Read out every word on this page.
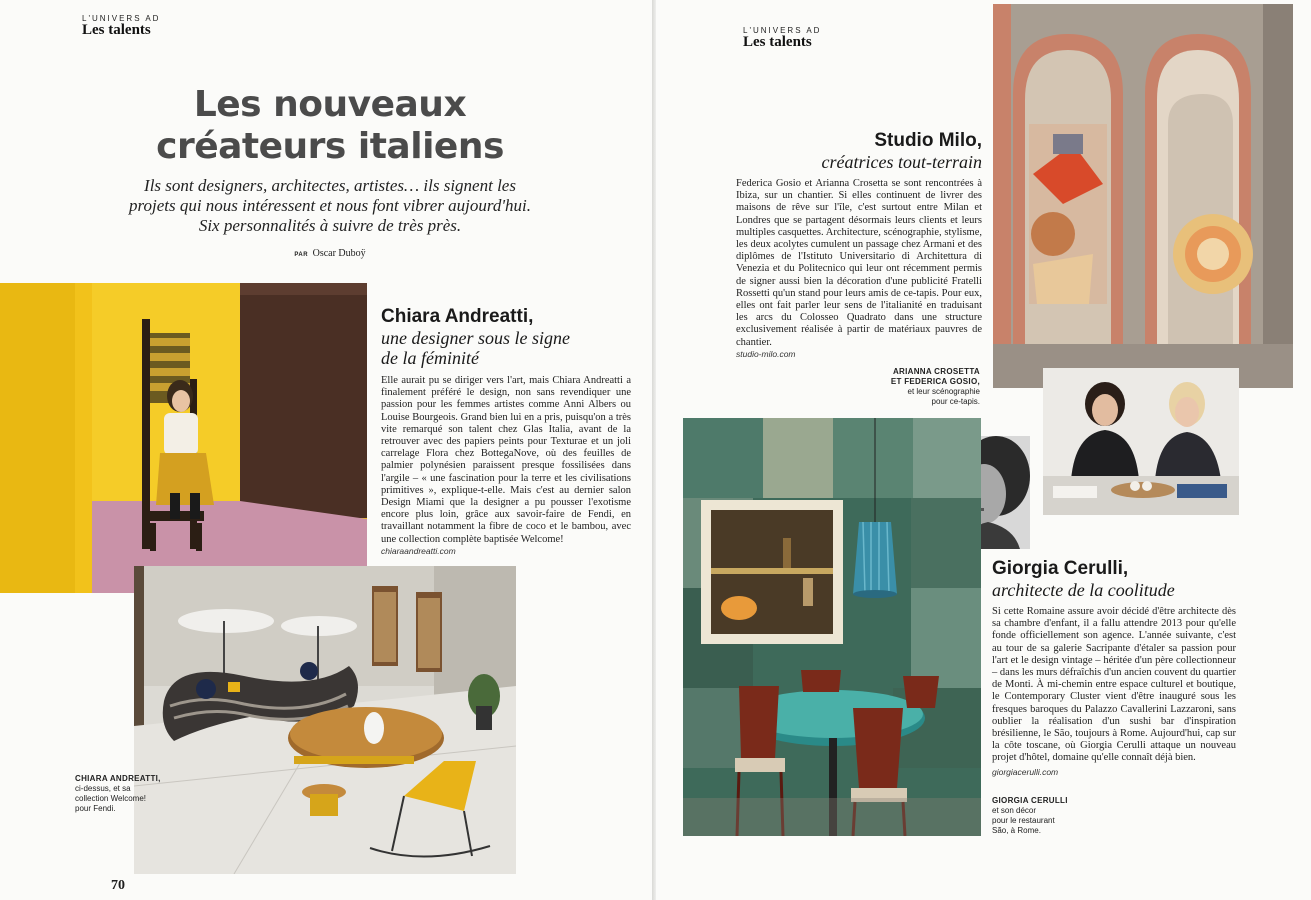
L'UNIVERS AD
Les talents
Les nouveaux
créateurs italiens
Ils sont designers, architectes, artistes… ils signent les
projets qui nous intéressent et nous font vibrer aujourd'hui.
Six personnalités à suivre de très près.
PAR Oscar Duboÿ
Chiara Andreatti,
une designer sous le signe
de la féminité

Elle aurait pu se diriger vers l'art, mais Chiara Andreatti a finalement préféré le design, non sans revendiquer une passion pour les femmes artistes comme Anni Albers ou Louise Bourgeois. Grand bien lui en a pris, puisqu'on a très vite remarqué son talent chez Glas Italia, avant de la retrouver avec des papiers peints pour Texturae et un joli carrelage Flora chez BottegaNove, où des feuilles de palmier polynésien paraissent presque fossilisées dans l'argile – « une fascination pour la terre et les civilisations primitives », explique-t-elle. Mais c'est au dernier salon Design Miami que la designer a pu pousser l'exotisme encore plus loin, grâce aux savoir-faire de Fendi, en travaillant notamment la fibre de coco et le bambou, avec une collection complète baptisée Welcome!

chiaraandreatti.com
CHIARA ANDREATTI,
ci-dessus, et sa
collection Welcome!
pour Fendi.
70
L'UNIVERS AD
Les talents
Studio Milo,
créatrices tout-terrain

Federica Gosio et Arianna Crosetta se sont rencontrées à Ibiza, sur un chantier. Si elles continuent de livrer des maisons de rêve sur l'île, c'est surtout entre Milan et Londres que se partagent désormais leurs clients et leurs multiples casquettes. Architecture, scénographie, stylisme, les deux acolytes cumulent un passage chez Armani et des diplômes de l'Istituto Universitario di Architettura di Venezia et du Politecnico qui leur ont récemment permis de signer aussi bien la décoration d'une publicité Fratelli Rossetti qu'un stand pour leurs amis de ce-tapis. Pour eux, elles ont fait parler leur sens de l'italianité en traduisant les arcs du Colosseo Quadrato dans une structure exclusivement réalisée à partir de matériaux pauvres de chantier.

studio-milo.com
ARIANNA CROSETTA
ET FEDERICA GOSIO,
et leur scénographie
pour ce-tapis.
Giorgia Cerulli,
architecte de la coolitude

Si cette Romaine assure avoir décidé d'être architecte dès sa chambre d'enfant, il a fallu attendre 2013 pour qu'elle fonde officiellement son agence. L'année suivante, c'est au tour de sa galerie Sacripante d'étaler sa passion pour l'art et le design vintage – héritée d'un père collectionneur – dans les murs défraîchis d'un ancien couvent du quartier de Monti. À mi-chemin entre espace culturel et boutique, le Contemporary Cluster vient d'être inauguré sous les fresques baroques du Palazzo Cavallerini Lazzaroni, sans oublier la réalisation d'un sushi bar d'inspiration brésilienne, le São, toujours à Rome. Aujourd'hui, cap sur la côte toscane, où Giorgia Cerulli attaque un nouveau projet d'hôtel, domaine qu'elle connaît déjà bien.

giorgiacerulli.com
GIORGIA CERULLI
et son décor
pour le restaurant
São, à Rome.
